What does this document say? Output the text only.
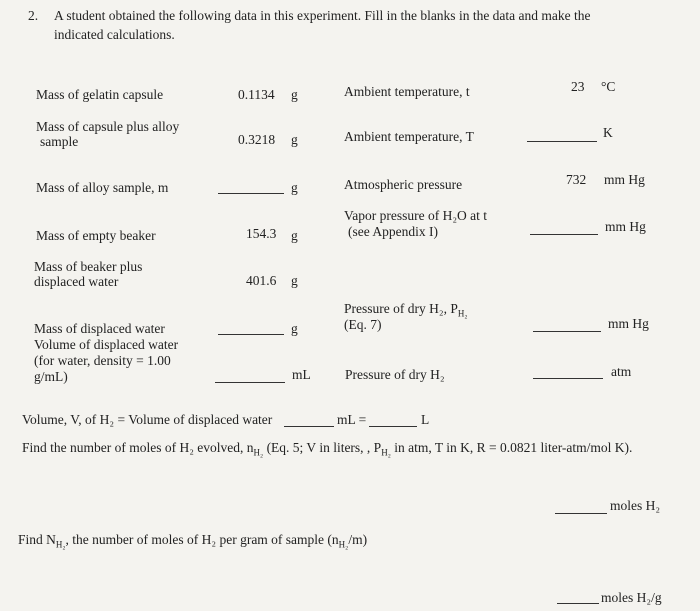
2. A student obtained the following data in this experiment. Fill in the blanks in the data and make the
indicated calculations.
Mass of gelatin capsule	0.1134 g
Mass of capsule plus alloy
sample	0.3218 g
Mass of alloy sample, m	g
Mass of empty beaker	154.3 g
Mass of beaker plus
displaced water	401.6 g
Mass of displaced water	g
Volume of displaced water
(for water, density = 1.00
g/mL)	mL
Ambient temperature, t	23 °C
Ambient temperature, T	K
Atmospheric pressure	732 mm Hg
Vapor pressure of H₂O at t
(see Appendix I)	mm Hg
Pressure of dry H₂, $P_{H_2}$
(Eq. 7)	mm Hg
Pressure of dry H₂	atm
Volume, V, of H₂ = Volume of displaced water	mL =	L
Find the number of moles of H₂ evolved, $n_{H_2}$ (Eq. 5; V in liters, , $P_{H_2}$ in atm, T in K, R = 0.0821 liter-atm/mol K).
moles H₂
Find $N_{H_2}$, the number of moles of H₂ per gram of sample $(n_{H_2}/m)$
moles H₂/g
